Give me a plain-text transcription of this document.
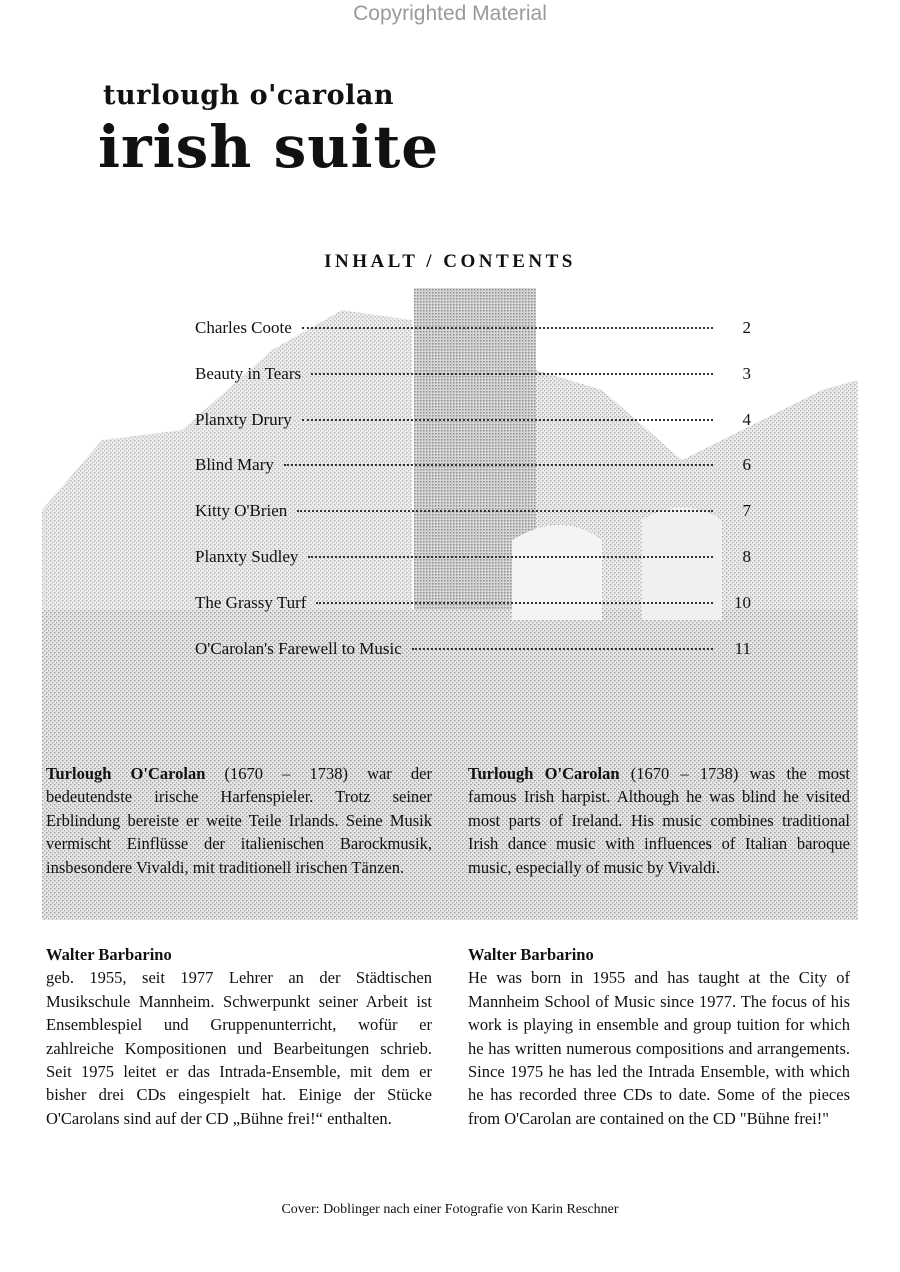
Copyrighted Material
turlough o'carolan
irish suite
INHALT / CONTENTS
Charles Coote	2
Beauty in Tears	3
Planxty Drury	4
Blind Mary	6
Kitty O'Brien	7
Planxty Sudley	8
The Grassy Turf	10
O'Carolan's Farewell to Music	11
Turlough O'Carolan (1670 – 1738) war der bedeutendste irische Harfenspieler. Trotz seiner Erblindung bereiste er weite Teile Irlands. Seine Musik vermischt Einflüsse der italienischen Barockmusik, insbesondere Vivaldi, mit traditionell irischen Tänzen.
Turlough O'Carolan (1670 – 1738) was the most famous Irish harpist. Although he was blind he visited most parts of Ireland. His music combines traditional Irish dance music with influences of Italian baroque music, especially of music by Vivaldi.
Walter Barbarino
geb. 1955, seit 1977 Lehrer an der Städtischen Musikschule Mannheim. Schwerpunkt seiner Arbeit ist Ensemblespiel und Gruppenunterricht, wofür er zahlreiche Kompositionen und Bearbeitungen schrieb. Seit 1975 leitet er das Intrada-Ensemble, mit dem er bisher drei CDs eingespielt hat. Einige der Stücke O'Carolans sind auf der CD „Bühne frei!“ enthalten.
Walter Barbarino
He was born in 1955 and has taught at the City of Mannheim School of Music since 1977. The focus of his work is playing in ensemble and group tuition for which he has written numerous compositions and arrangements. Since 1975 he has led the Intrada Ensemble, with which he has recorded three CDs to date. Some of the pieces from O'Carolan are contained on the CD "Bühne frei!"
Cover: Doblinger nach einer Fotografie von Karin Reschner
